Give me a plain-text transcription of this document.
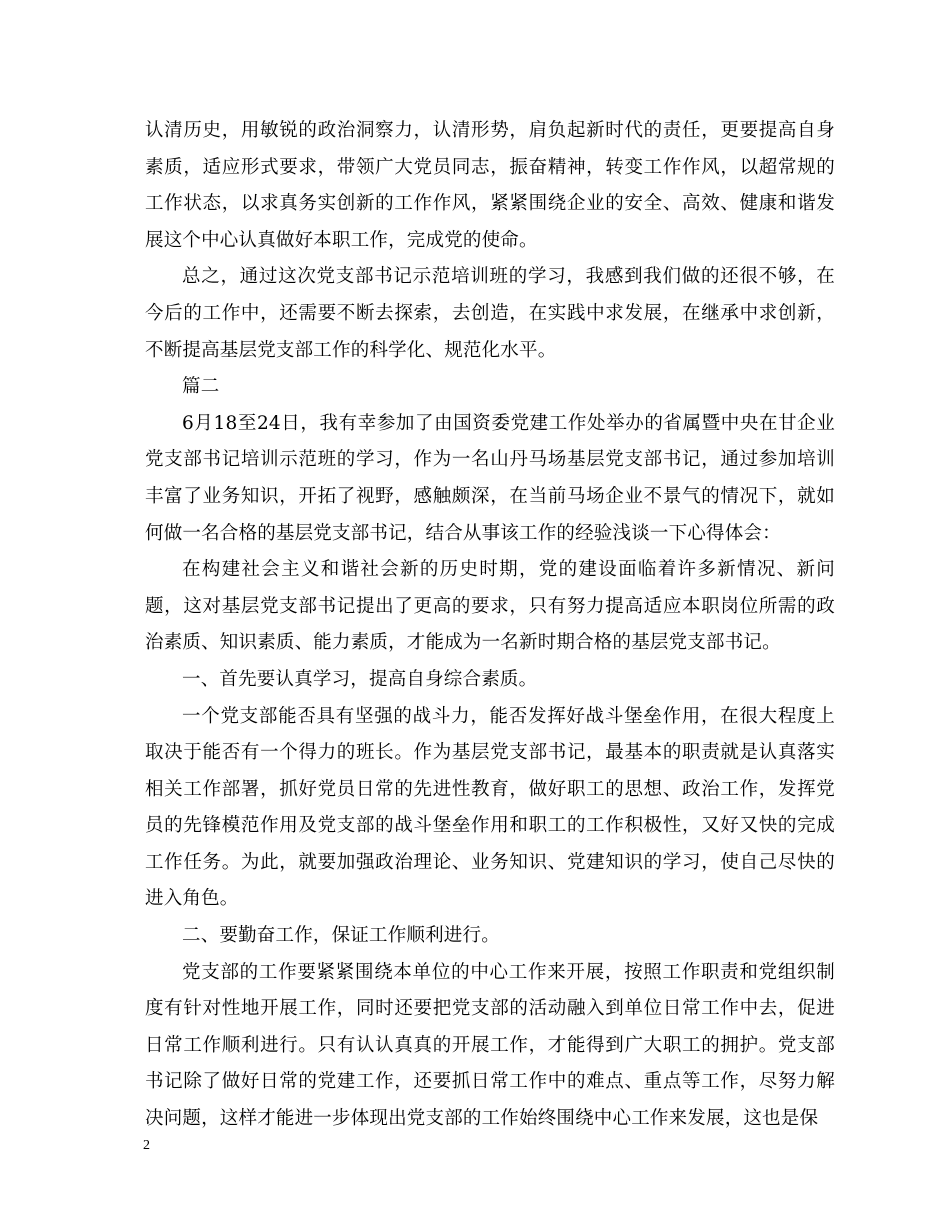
认清历史，用敏锐的政治洞察力，认清形势，肩负起新时代的责任，更要提高自身素质，适应形式要求，带领广大党员同志，振奋精神，转变工作作风，以超常规的工作状态，以求真务实创新的工作作风，紧紧围绕企业的安全、高效、健康和谐发展这个中心认真做好本职工作，完成党的使命。

总之，通过这次党支部书记示范培训班的学习，我感到我们做的还很不够，在今后的工作中，还需要不断去探索，去创造，在实践中求发展，在继承中求创新，不断提高基层党支部工作的科学化、规范化水平。

篇二

6月18至24日，我有幸参加了由国资委党建工作处举办的省属暨中央在甘企业党支部书记培训示范班的学习，作为一名山丹马场基层党支部书记，通过参加培训丰富了业务知识，开拓了视野，感触颇深，在当前马场企业不景气的情况下，就如何做一名合格的基层党支部书记，结合从事该工作的经验浅谈一下心得体会：

在构建社会主义和谐社会新的历史时期，党的建设面临着许多新情况、新问题，这对基层党支部书记提出了更高的要求，只有努力提高适应本职岗位所需的政治素质、知识素质、能力素质，才能成为一名新时期合格的基层党支部书记。

一、首先要认真学习，提高自身综合素质。

一个党支部能否具有坚强的战斗力，能否发挥好战斗堡垒作用，在很大程度上取决于能否有一个得力的班长。作为基层党支部书记，最基本的职责就是认真落实相关工作部署，抓好党员日常的先进性教育，做好职工的思想、政治工作，发挥党员的先锋模范作用及党支部的战斗堡垒作用和职工的工作积极性，又好又快的完成工作任务。为此，就要加强政治理论、业务知识、党建知识的学习，使自己尽快的进入角色。

二、要勤奋工作，保证工作顺利进行。

党支部的工作要紧紧围绕本单位的中心工作来开展，按照工作职责和党组织制度有针对性地开展工作，同时还要把党支部的活动融入到单位日常工作中去，促进日常工作顺利进行。只有认认真真的开展工作，才能得到广大职工的拥护。党支部书记除了做好日常的党建工作，还要抓日常工作中的难点、重点等工作，尽努力解决问题，这样才能进一步体现出党支部的工作始终围绕中心工作来发展，这也是保

2
